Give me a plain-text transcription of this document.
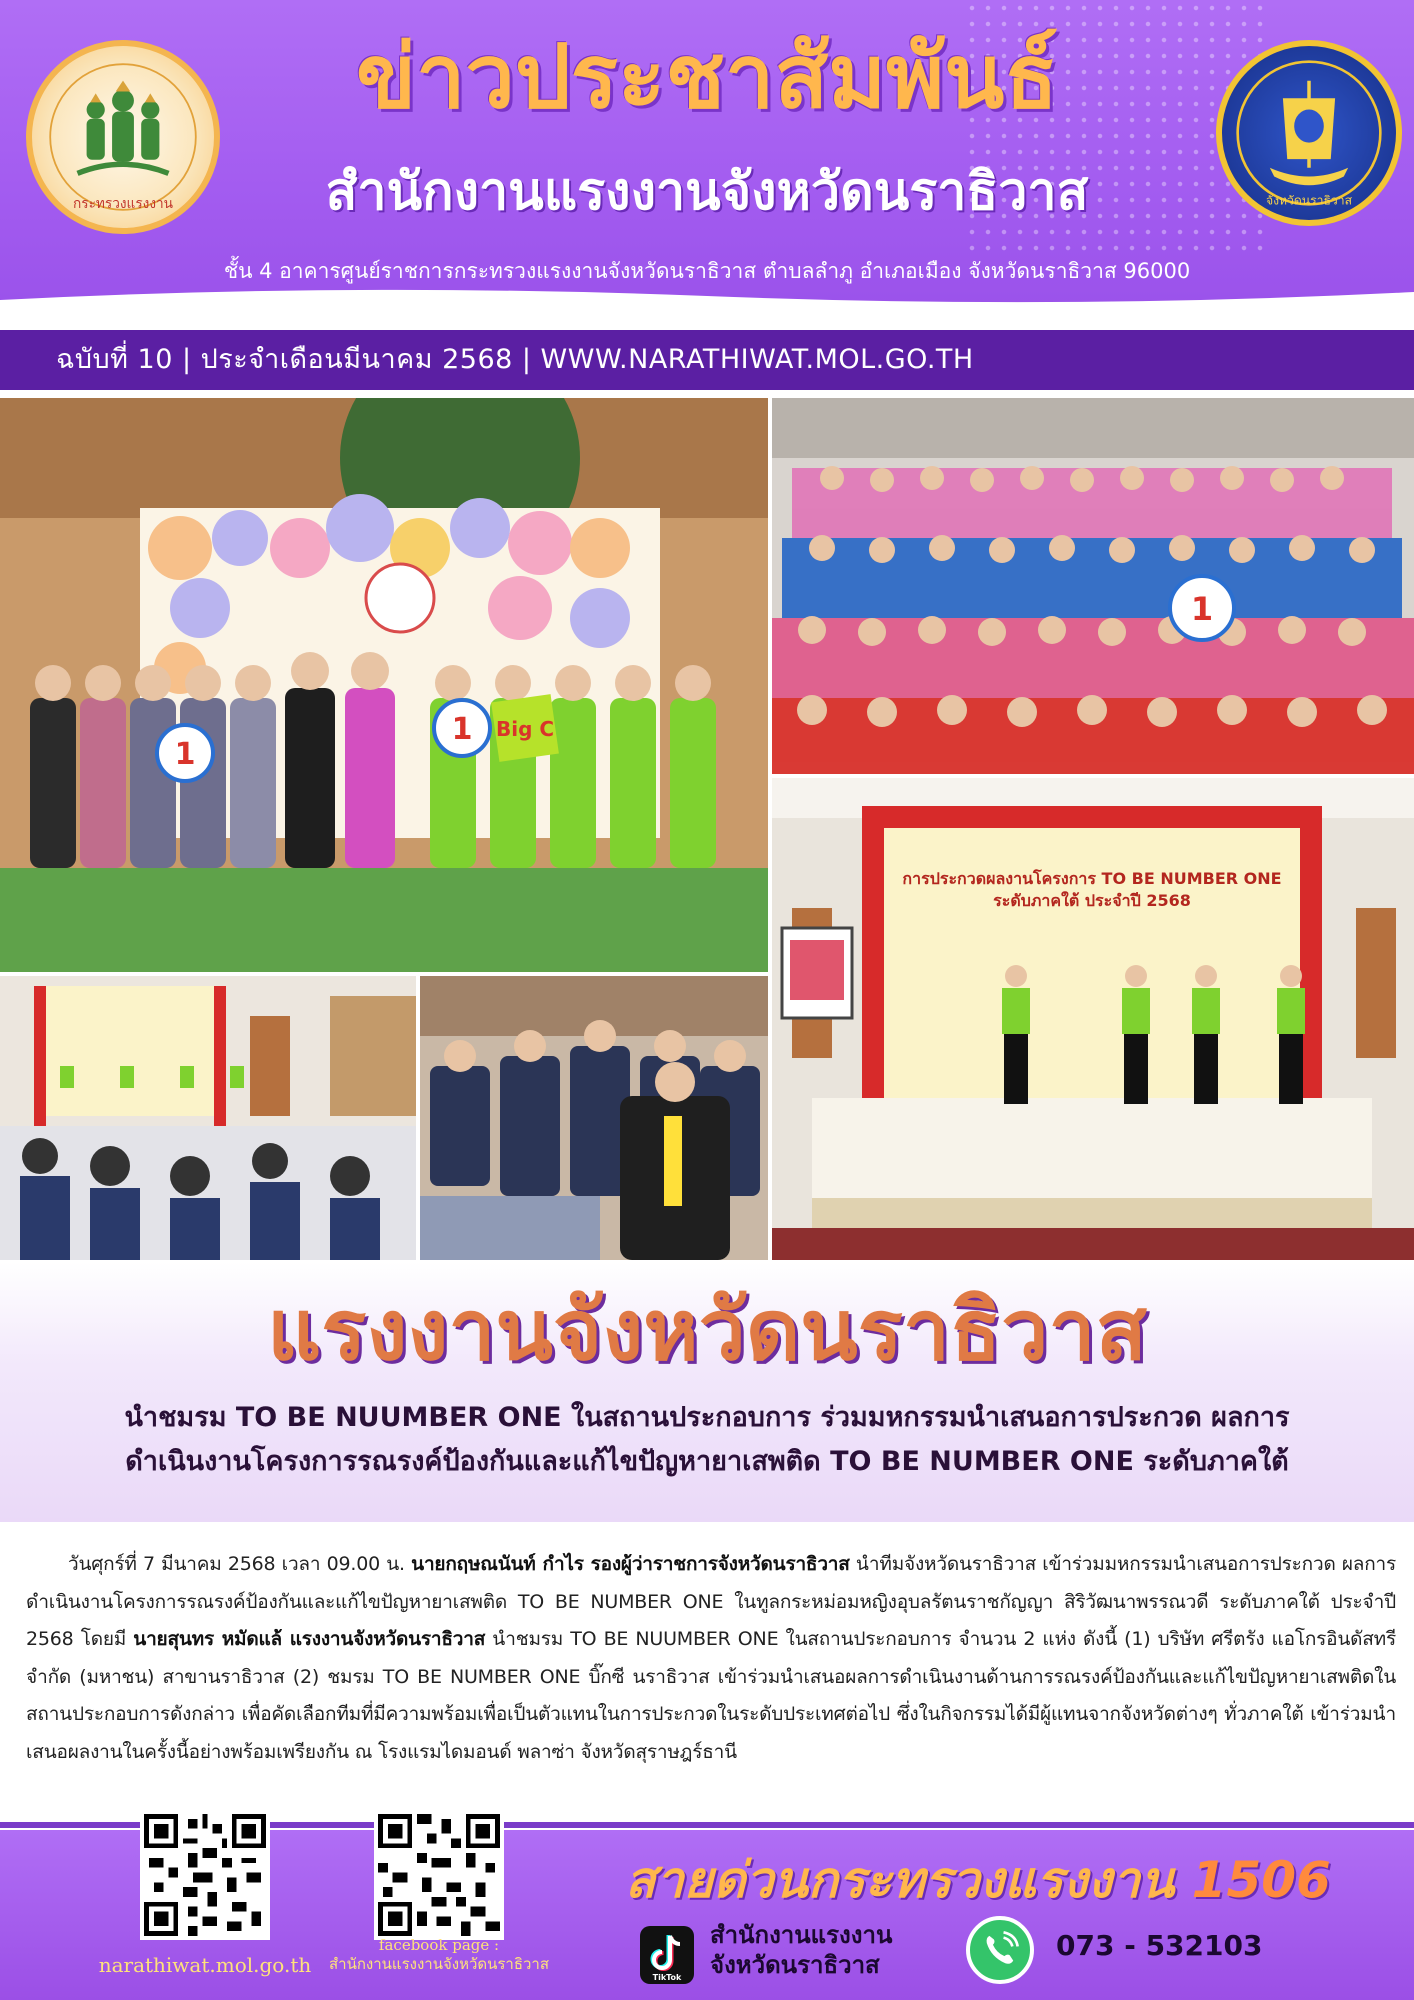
กระทรวงแรงงาน	จังหวัดนราธิวาส
ข่าวประชาสัมพันธ์
สำนักงานแรงงานจังหวัดนราธิวาส
ชั้น 4 อาคารศูนย์ราชการกระทรวงแรงงานจังหวัดนราธิวาส ตำบลลำภู อำเภอเมือง จังหวัดนราธิวาส 96000
ฉบับที่ 10 | ประจำเดือนมีนาคม 2568 | WWW.NARATHIWAT.MOL.GO.TH
1
1 Big C
1
การประกวดผลงานโครงการ TO BE NUMBER ONE ระดับภาคใต้ ประจำปี 2568
แรงงานจังหวัดนราธิวาส
นำชมรม TO BE NUUMBER ONE ในสถานประกอบการ ร่วมมหกรรมนำเสนอการประกวด ผลการ
ดำเนินงานโครงการรณรงค์ป้องกันและแก้ไขปัญหายาเสพติด TO BE NUMBER ONE ระดับภาคใต้
วันศุกร์ที่ 7 มีนาคม 2568 เวลา 09.00 น. นายกฤษณนันท์ กำไร รองผู้ว่าราชการจังหวัดนราธิวาส นำทีมจังหวัดนราธิวาส เข้าร่วมมหกรรมนำเสนอการประกวด ผลการดำเนินงานโครงการรณรงค์ป้องกันและแก้ไขปัญหายาเสพติด TO BE NUMBER ONE ในทูลกระหม่อมหญิงอุบลรัตนราชกัญญา สิริวัฒนาพรรณวดี ระดับภาคใต้ ประจำปี 2568 โดยมี นายสุนทร หมัดแล้ แรงงานจังหวัดนราธิวาส นำชมรม TO BE NUUMBER ONE ในสถานประกอบการ จำนวน 2 แห่ง ดังนี้ (1) บริษัท ศรีตรัง แอโกรอินดัสทรีจำกัด (มหาชน) สาขานราธิวาส (2) ชมรม TO BE NUMBER ONE บิ๊กซี นราธิวาส เข้าร่วมนำเสนอผลการดำเนินงานด้านการรณรงค์ป้องกันและแก้ไขปัญหายาเสพติดในสถานประกอบการดังกล่าว เพื่อคัดเลือกทีมที่มีความพร้อมเพื่อเป็นตัวแทนในการประกวดในระดับประเทศต่อไป ซึ่งในกิจกรรมได้มีผู้แทนจากจังหวัดต่างๆ ทั่วภาคใต้ เข้าร่วมนำเสนอผลงานในครั้งนี้อย่างพร้อมเพรียงกัน ณ โรงแรมไดมอนด์ พลาซ่า จังหวัดสุราษฎร์ธานี
narathiwat.mol.go.th
facebook page :
สำนักงานแรงงานจังหวัดนราธิวาส
สายด่วนกระทรวงแรงงาน 1506
TikTok
สำนักงานแรงงาน
จังหวัดนราธิวาส
073 - 532103
